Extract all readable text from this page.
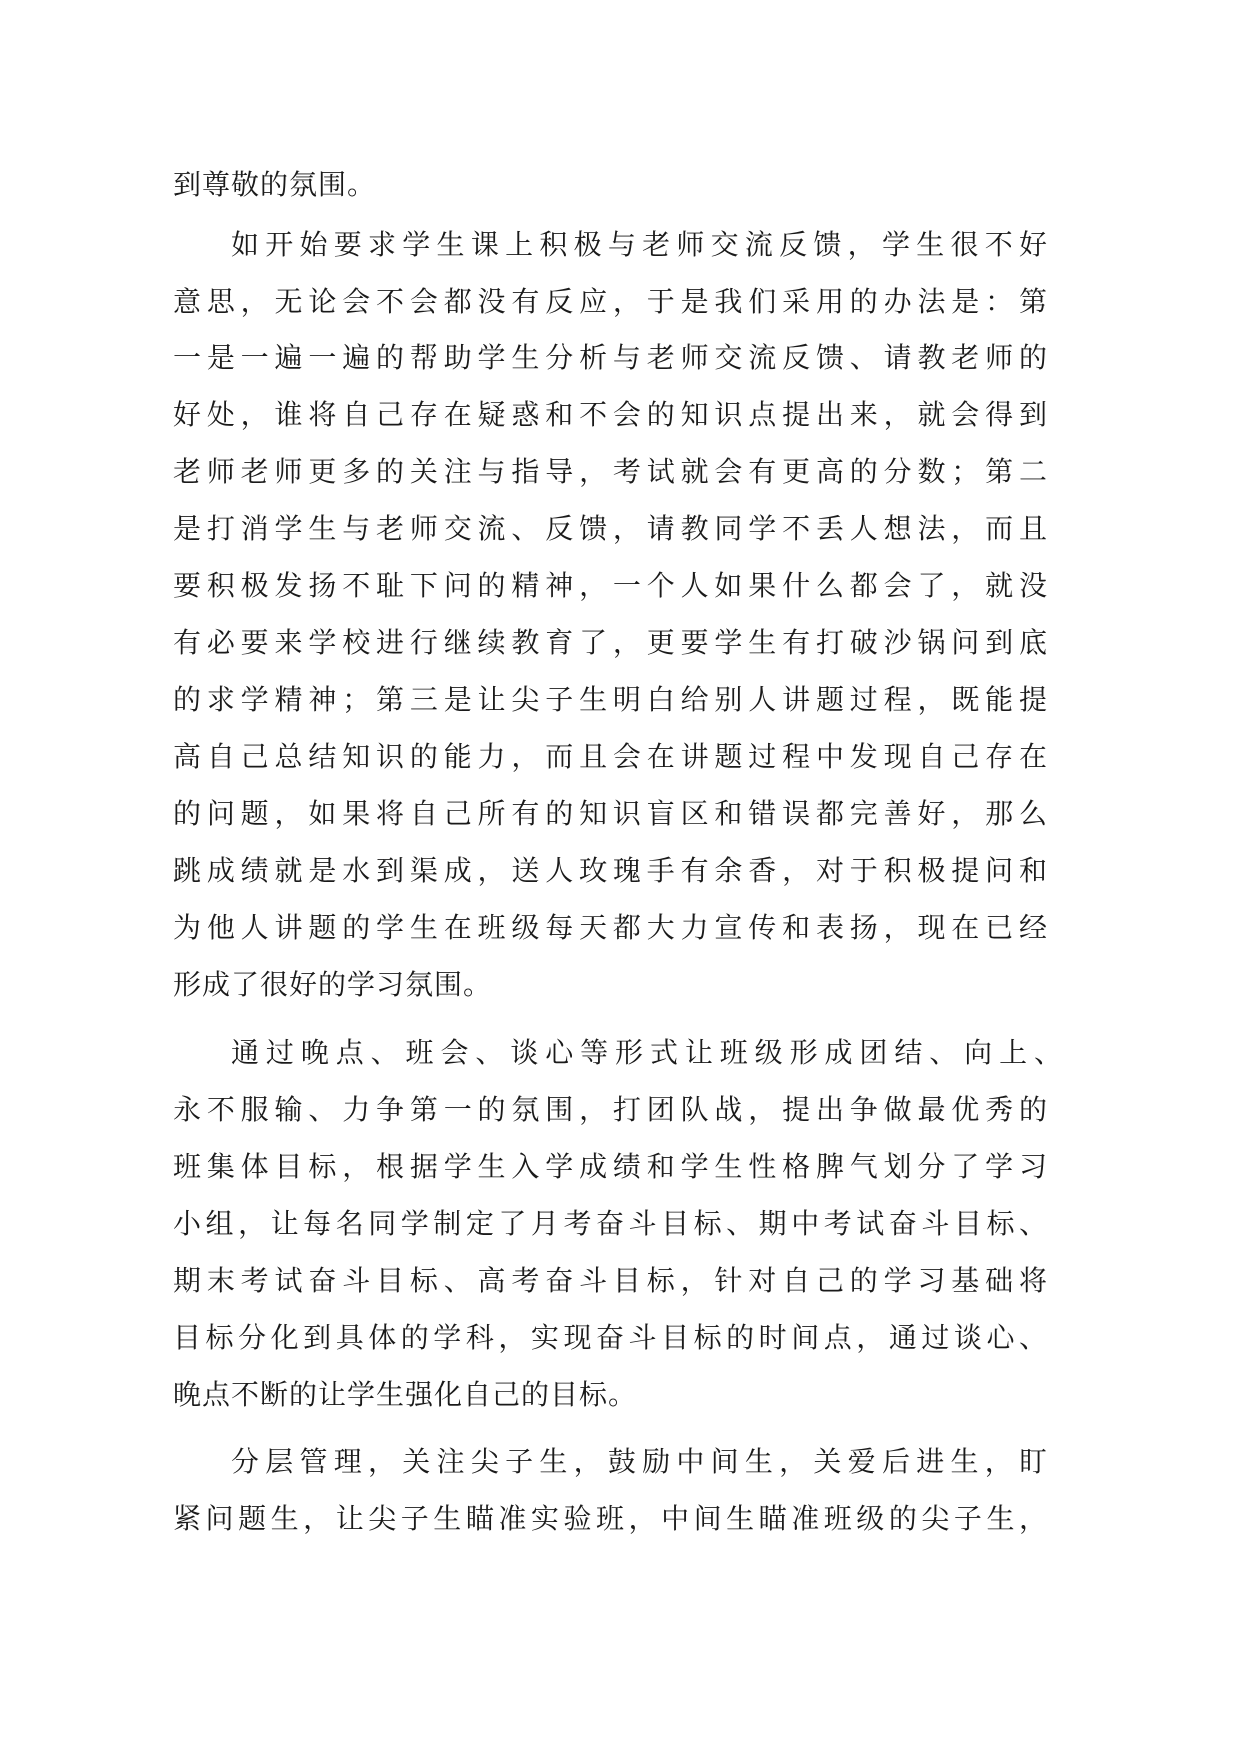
到尊敬的氛围。
如开始要求学生课上积极与老师交流反馈，学生很不好
意思，无论会不会都没有反应，于是我们采用的办法是：第
一是一遍一遍的帮助学生分析与老师交流反馈、请教老师的
好处，谁将自己存在疑惑和不会的知识点提出来，就会得到
老师老师更多的关注与指导，考试就会有更高的分数；第二
是打消学生与老师交流、反馈，请教同学不丢人想法，而且
要积极发扬不耻下问的精神，一个人如果什么都会了，就没
有必要来学校进行继续教育了，更要学生有打破沙锅问到底
的求学精神；第三是让尖子生明白给别人讲题过程，既能提
高自己总结知识的能力，而且会在讲题过程中发现自己存在
的问题，如果将自己所有的知识盲区和错误都完善好，那么
跳成绩就是水到渠成，送人玫瑰手有余香，对于积极提问和
为他人讲题的学生在班级每天都大力宣传和表扬，现在已经
形成了很好的学习氛围。
通过晚点、班会、谈心等形式让班级形成团结、向上、
永不服输、力争第一的氛围，打团队战，提出争做最优秀的
班集体目标，根据学生入学成绩和学生性格脾气划分了学习
小组，让每名同学制定了月考奋斗目标、期中考试奋斗目标、
期末考试奋斗目标、高考奋斗目标，针对自己的学习基础将
目标分化到具体的学科，实现奋斗目标的时间点，通过谈心、
晚点不断的让学生强化自己的目标。
分层管理，关注尖子生，鼓励中间生，关爱后进生，盯
紧问题生，让尖子生瞄准实验班，中间生瞄准班级的尖子生，
